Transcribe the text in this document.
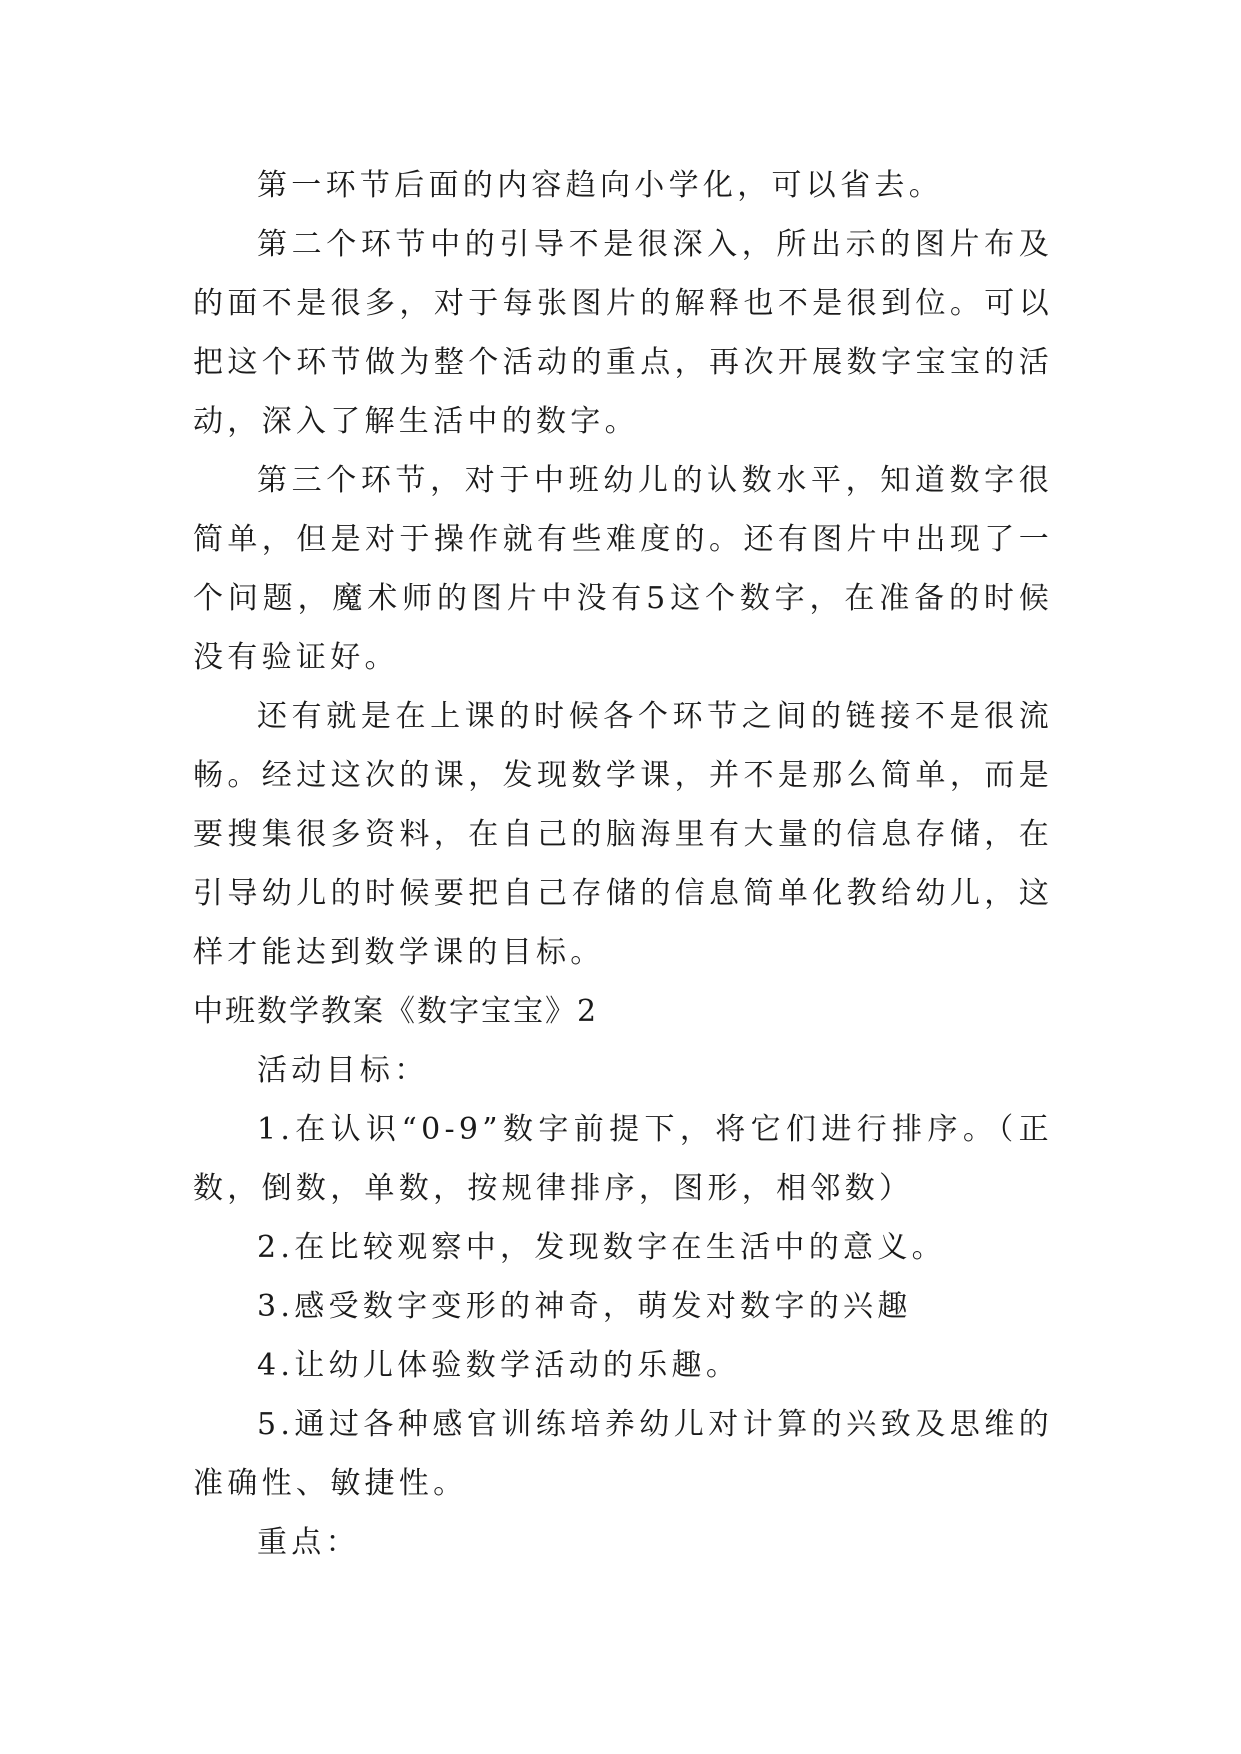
第一环节后面的内容趋向小学化，可以省去。

第二个环节中的引导不是很深入，所出示的图片布及的面不是很多，对于每张图片的解释也不是很到位。可以把这个环节做为整个活动的重点，再次开展数字宝宝的活动，深入了解生活中的数字。

第三个环节，对于中班幼儿的认数水平，知道数字很简单，但是对于操作就有些难度的。还有图片中出现了一个问题，魔术师的图片中没有5这个数字，在准备的时候没有验证好。

还有就是在上课的时候各个环节之间的链接不是很流畅。经过这次的课，发现数学课，并不是那么简单，而是要搜集很多资料，在自己的脑海里有大量的信息存储，在引导幼儿的时候要把自己存储的信息简单化教给幼儿，这样才能达到数学课的目标。

中班数学教案《数字宝宝》2

活动目标：

1.在认识“0-9”数字前提下，将它们进行排序。（正数，倒数，单数，按规律排序，图形，相邻数）

2.在比较观察中，发现数字在生活中的意义。

3.感受数字变形的神奇，萌发对数字的兴趣

4.让幼儿体验数学活动的乐趣。

5.通过各种感官训练培养幼儿对计算的兴致及思维的准确性、敏捷性。

重点：
